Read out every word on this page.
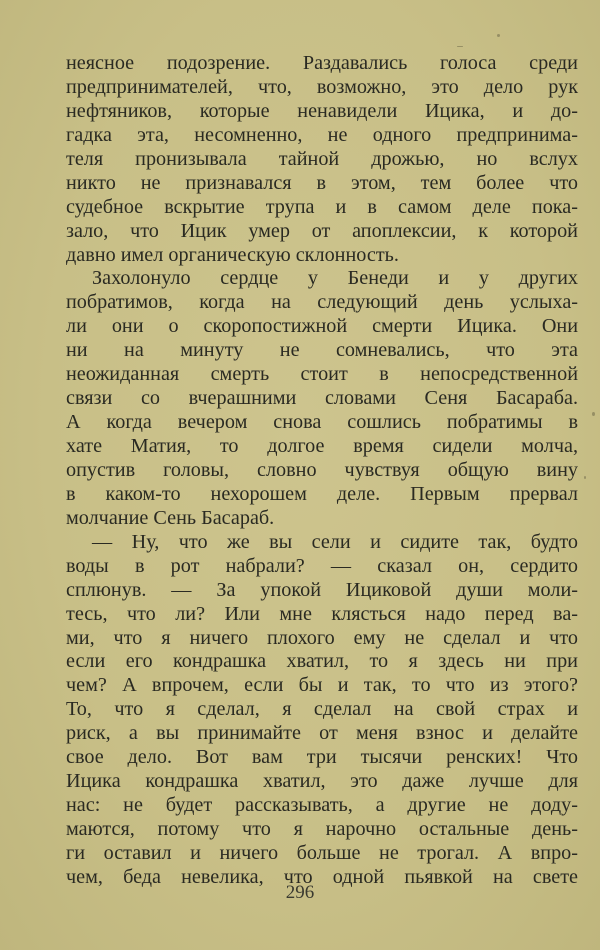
неясное подозрение. Раздавались голоса среди
предпринимателей, что, возможно, это дело рук
нефтяников, которые ненавидели Ицика, и до-
гадка эта, несомненно, не одного предпринима-
теля пронизывала тайной дрожью, но вслух
никто не признавался в этом, тем более что
судебное вскрытие трупа и в самом деле пока-
зало, что Ицик умер от апоплексии, к которой
давно имел органическую склонность.
Захолонуло сердце у Бенеди и у других
побратимов, когда на следующий день услыха-
ли они о скоропостижной смерти Ицика. Они
ни на минуту не сомневались, что эта
неожиданная смерть стоит в непосредственной
связи со вчерашними словами Сеня Басараба.
А когда вечером снова сошлись побратимы в
хате Матия, то долгое время сидели молча,
опустив головы, словно чувствуя общую вину
в каком-то нехорошем деле. Первым прервал
молчание Сень Басараб.
— Ну, что же вы сели и сидите так, будто
воды в рот набрали? — сказал он, сердито
сплюнув. — За упокой Ициковой души моли-
тесь, что ли? Или мне клясться надо перед ва-
ми, что я ничего плохого ему не сделал и что
если его кондрашка хватил, то я здесь ни при
чем? А впрочем, если бы и так, то что из этого?
То, что я сделал, я сделал на свой страх и
риск, а вы принимайте от меня взнос и делайте
свое дело. Вот вам три тысячи ренских! Что
Ицика кондрашка хватил, это даже лучше для
нас: не будет рассказывать, а другие не доду-
маются, потому что я нарочно остальные день-
ги оставил и ничего больше не трогал. А впро-
чем, беда невелика, что одной пьявкой на свете
296
